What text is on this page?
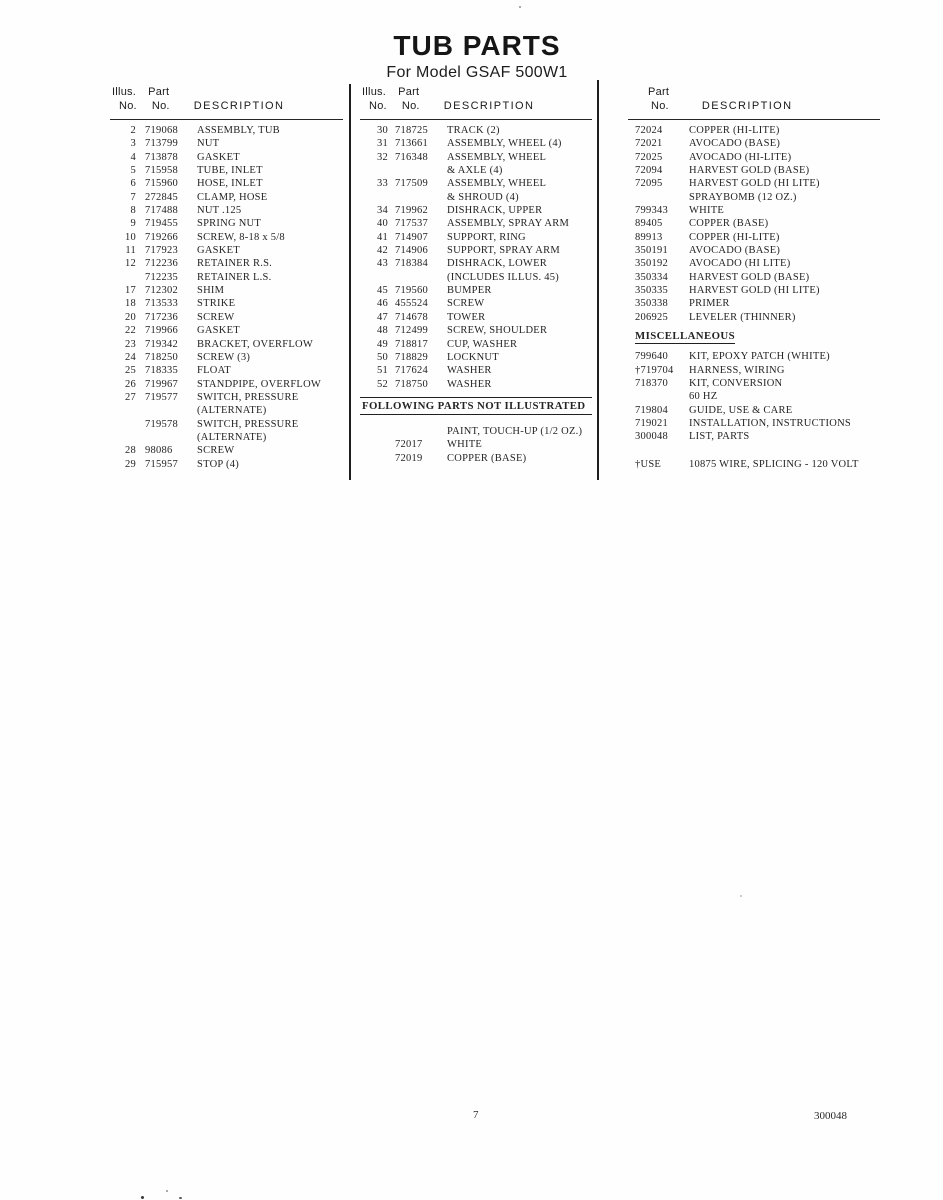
TUB PARTS
For Model GSAF 500W1
Illus. Part
No. No. DESCRIPTION
2 719068	ASSEMBLY, TUB
3 713799	NUT
4 713878	GASKET
5 715958	TUBE, INLET
6 715960	HOSE, INLET
7 272845	CLAMP, HOSE
8 717488	NUT .125
9 719455	SPRING NUT
10 719266	SCREW, 8-18 x 5/8
11 717923	GASKET
12 712236	RETAINER R.S.
712235	RETAINER L.S.
17 712302	SHIM
18 713533	STRIKE
20 717236	SCREW
22 719966	GASKET
23 719342	BRACKET, OVERFLOW
24 718250	SCREW (3)
25 718335	FLOAT
26 719967	STANDPIPE, OVERFLOW
27 719577	SWITCH, PRESSURE
(ALTERNATE)
719578	SWITCH, PRESSURE
(ALTERNATE)
28 98086	SCREW
29 715957	STOP (4)
Illus. Part
No. No. DESCRIPTION
30 718725	TRACK (2)
31 713661	ASSEMBLY, WHEEL (4)
32 716348	ASSEMBLY, WHEEL
& AXLE (4)
33 717509	ASSEMBLY, WHEEL
& SHROUD (4)
34 719962	DISHRACK, UPPER
40 717537	ASSEMBLY, SPRAY ARM
41 714907	SUPPORT, RING
42 714906	SUPPORT, SPRAY ARM
43 718384	DISHRACK, LOWER
(INCLUDES ILLUS. 45)
45 719560	BUMPER
46 455524	SCREW
47 714678	TOWER
48 712499	SCREW, SHOULDER
49 718817	CUP, WASHER
50 718829	LOCKNUT
51 717624	WASHER
52 718750	WASHER
FOLLOWING PARTS NOT ILLUSTRATED
PAINT, TOUCH-UP (1/2 OZ.)
72017	WHITE
72019	COPPER (BASE)
Part
No.	DESCRIPTION
72024	COPPER (HI-LITE)
72021	AVOCADO (BASE)
72025	AVOCADO (HI-LITE)
72094	HARVEST GOLD (BASE)
72095	HARVEST GOLD (HI LITE)
SPRAYBOMB (12 OZ.)
799343	WHITE
89405	COPPER (BASE)
89913	COPPER (HI-LITE)
350191	AVOCADO (BASE)
350192	AVOCADO (HI LITE)
350334	HARVEST GOLD (BASE)
350335	HARVEST GOLD (HI LITE)
350338	PRIMER
206925	LEVELER (THINNER)
MISCELLANEOUS
799640	KIT, EPOXY PATCH (WHITE)
†719704	HARNESS, WIRING
718370	KIT, CONVERSION
60 HZ
719804	GUIDE, USE & CARE
719021	INSTALLATION, INSTRUCTIONS
300048	LIST, PARTS
†USE	10875 WIRE, SPLICING - 120 VOLT
7	300048
